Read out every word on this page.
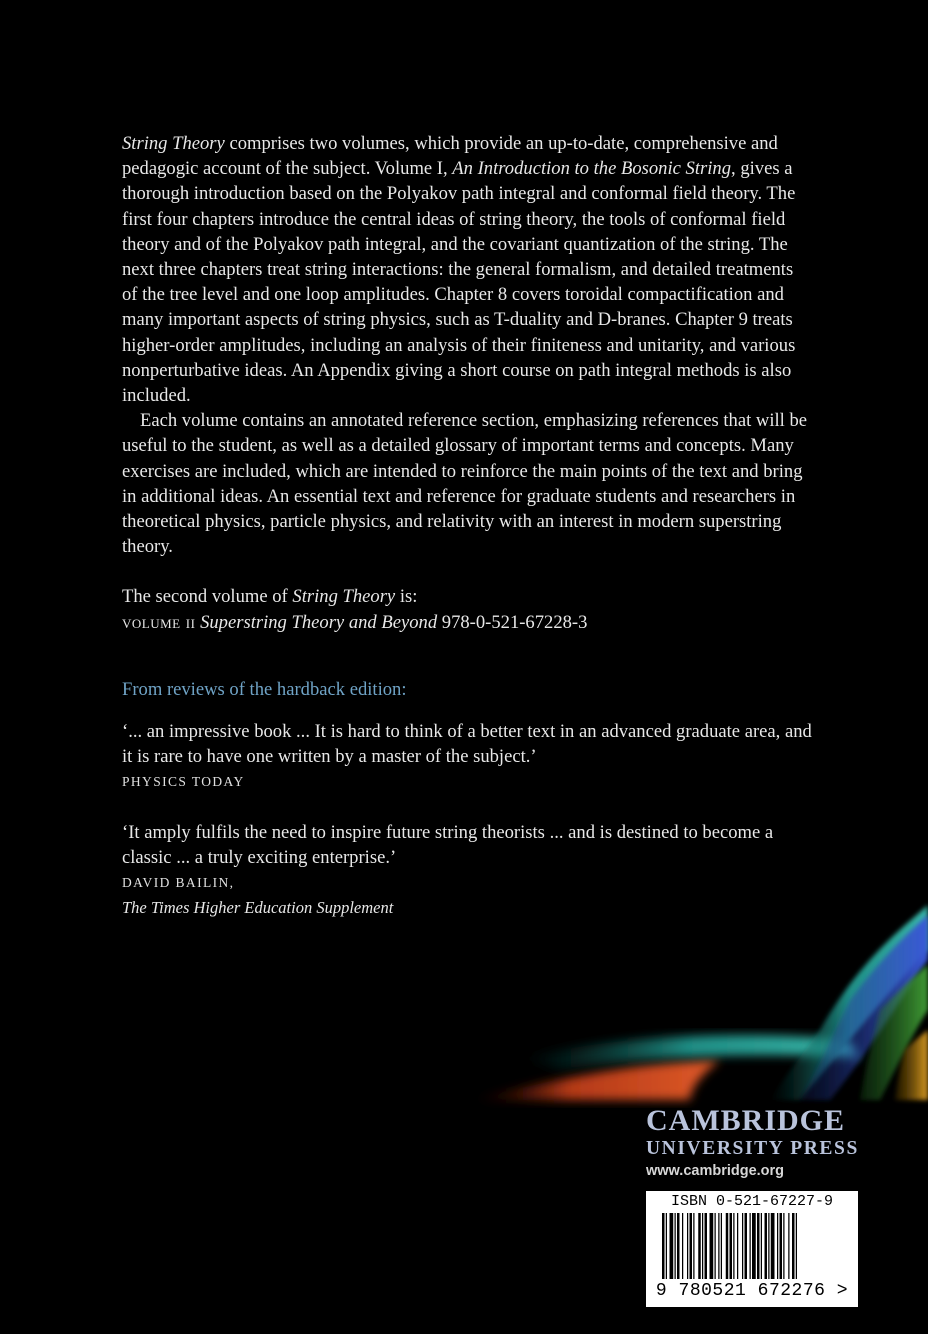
String Theory comprises two volumes, which provide an up-to-date, comprehensive and pedagogic account of the subject. Volume I, An Introduction to the Bosonic String, gives a thorough introduction based on the Polyakov path integral and conformal field theory. The first four chapters introduce the central ideas of string theory, the tools of conformal field theory and of the Polyakov path integral, and the covariant quantization of the string. The next three chapters treat string interactions: the general formalism, and detailed treatments of the tree level and one loop amplitudes. Chapter 8 covers toroidal compactification and many important aspects of string physics, such as T-duality and D-branes. Chapter 9 treats higher-order amplitudes, including an analysis of their finiteness and unitarity, and various nonperturbative ideas. An Appendix giving a short course on path integral methods is also included.

Each volume contains an annotated reference section, emphasizing references that will be useful to the student, as well as a detailed glossary of important terms and concepts. Many exercises are included, which are intended to reinforce the main points of the text and bring in additional ideas. An essential text and reference for graduate students and researchers in theoretical physics, particle physics, and relativity with an interest in modern superstring theory.

The second volume of String Theory is:

volume ii Superstring Theory and Beyond 978-0-521-67228-3

From reviews of the hardback edition:

‘... an impressive book ... It is hard to think of a better text in an advanced graduate area, and it is rare to have one written by a master of the subject.’

PHYSICS TODAY

‘It amply fulfils the need to inspire future string theorists ... and is destined to become a classic ... a truly exciting enterprise.’

DAVID BAILIN,

The Times Higher Education Supplement

CAMBRIDGE
UNIVERSITY PRESS
www.cambridge.org
ISBN 0-521-67227-9
9 780521 672276 >
